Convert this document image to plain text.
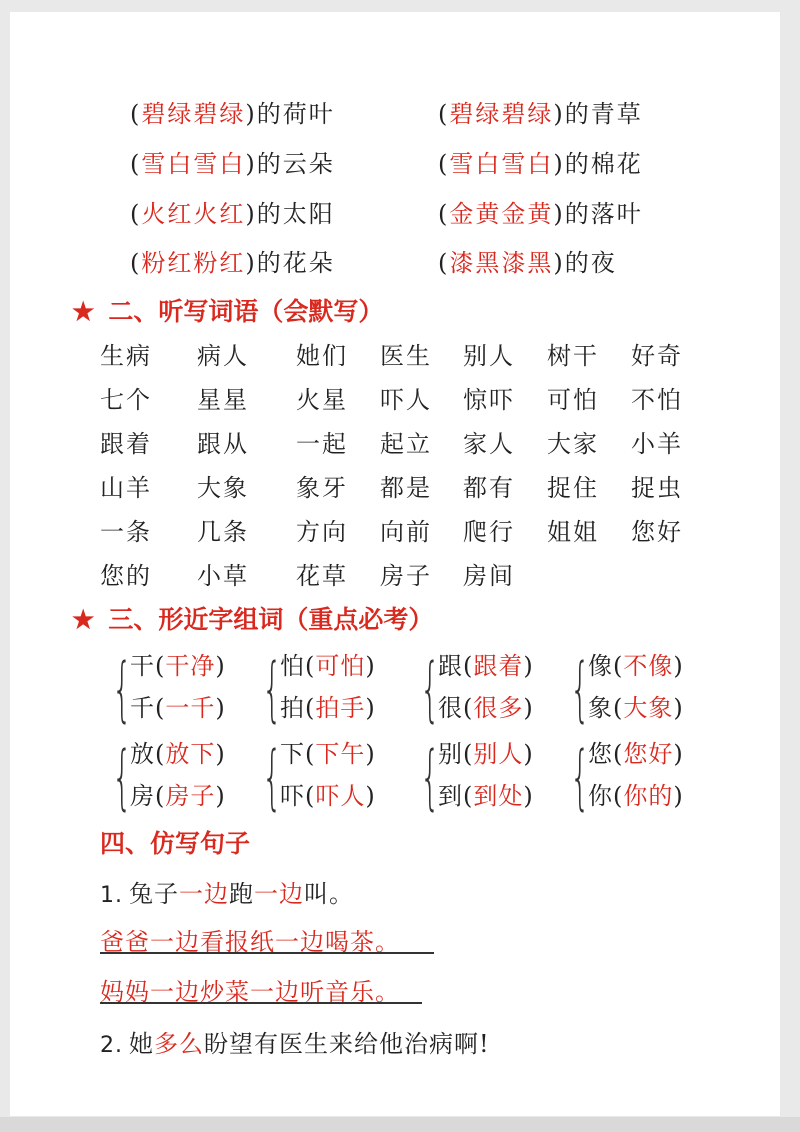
(碧绿碧绿)的荷叶	(碧绿碧绿)的青草
(雪白雪白)的云朵	(雪白雪白)的棉花
(火红火红)的太阳	(金黄金黄)的落叶
(粉红粉红)的花朵	(漆黑漆黑)的夜
★ 二、听写词语（会默写）
生病 病人 她们 医生 别人 树干 好奇
七个 星星 火星 吓人 惊吓 可怕 不怕
跟着 跟从 一起 起立 家人 大家 小羊
山羊 大象 象牙 都是 都有 捉住 捉虫
一条 几条 方向 向前 爬行 姐姐 您好
您的 小草 花草 房子 房间
★ 三、形近字组词（重点必考）
{
干(干净)
千(一千) {
怕(可怕)
拍(拍手) {
跟(跟着)
很(很多) {
像(不像)
象(大象)
{
放(放下)
房(房子) {
下(下午)
吓(吓人) {
别(别人)
到(到处) {
您(您好)
你(你的)
四、仿写句子
1. 兔子一边跑一边叫。
爸爸一边看报纸一边喝茶。
妈妈一边炒菜一边听音乐。
2. 她多么盼望有医生来给他治病啊!
